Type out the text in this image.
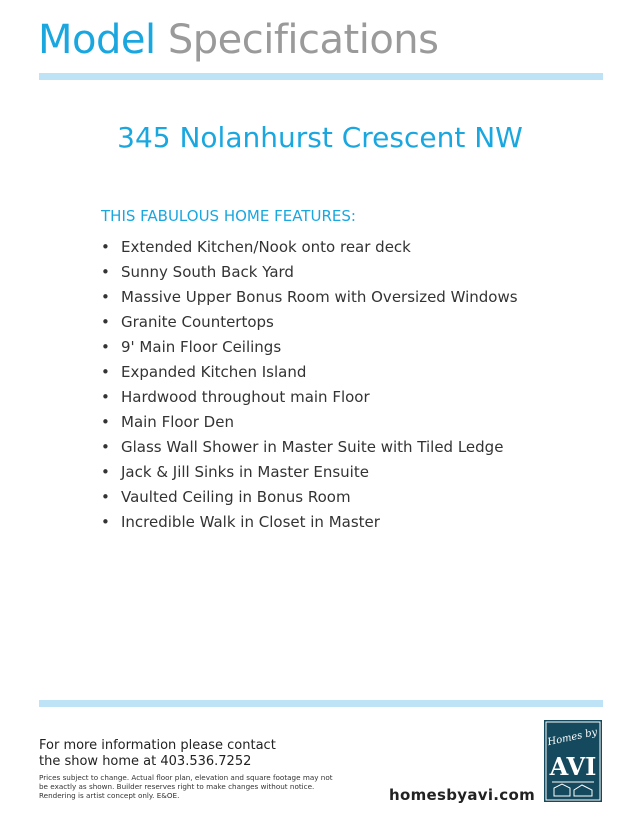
Model Specifications
345 Nolanhurst Crescent NW
THIS FABULOUS HOME FEATURES:
• Extended Kitchen/Nook onto rear deck
• Sunny South Back Yard
• Massive Upper Bonus Room with Oversized Windows
• Granite Countertops
• 9' Main Floor Ceilings
• Expanded Kitchen Island
• Hardwood throughout main Floor
• Main Floor Den
• Glass Wall Shower in Master Suite with Tiled Ledge
• Jack & Jill Sinks in Master Ensuite
• Vaulted Ceiling in Bonus Room
• Incredible Walk in Closet in Master
For more information please contact
the show home at 403.536.7252
Prices subject to change. Actual floor plan, elevation and square footage may not be exactly as shown. Builder reserves right to make changes without notice. Rendering is artist concept only. E&OE.	homesbyavi.com
Homes by
AVI
